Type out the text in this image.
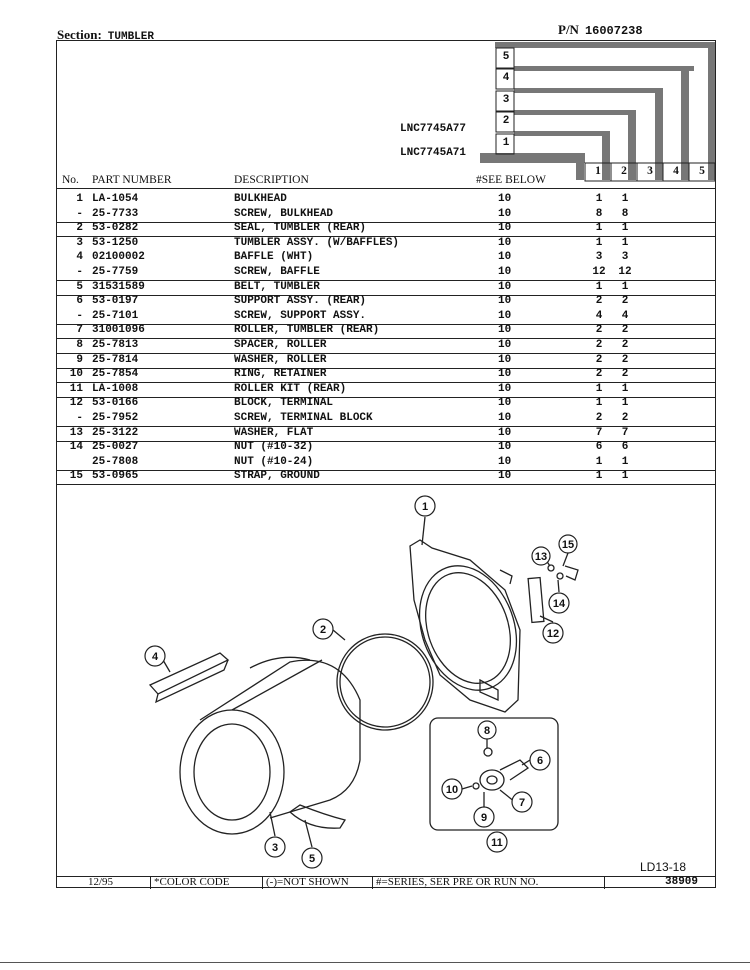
Section: TUMBLER	P/N 16007238
5
4
3
2
1
LNC7745A77
LNC7745A71
No. PART NUMBER	DESCRIPTION	#SEE BELOW
1	2	3	4	5
1 LA-1054	BULKHEAD	10	1	1
- 25-7733	SCREW, BULKHEAD	10	8	8
2 53-0282	SEAL, TUMBLER (REAR)	10	1	1
3 53-1250	TUMBLER ASSY. (W/BAFFLES)	10	1	1
4 02100002	BAFFLE (WHT)	10	3	3
- 25-7759	SCREW, BAFFLE	10	12 12
5 31531589	BELT, TUMBLER	10	1	1
6 53-0197	SUPPORT ASSY. (REAR)	10	2	2
- 25-7101	SCREW, SUPPORT ASSY.	10	4	4
7 31001096	ROLLER, TUMBLER (REAR)	10	2	2
8 25-7813	SPACER, ROLLER	10	2	2
9 25-7814	WASHER, ROLLER	10	2	2
10 25-7854	RING, RETAINER	10	2	2
11 LA-1008	ROLLER KIT (REAR)	10	1	1
12 53-0166	BLOCK, TERMINAL	10	1	1
- 25-7952	SCREW, TERMINAL BLOCK	10	2	2
13 25-3122	WASHER, FLAT	10	7	7
14 25-0027	NUT (#10-32)	10	6	6
25-7808	NUT (#10-24)	10	1	1
15 53-0965	STRAP, GROUND	10	1	1
1
2
3
4
5
6
7
8
9
10
11
12
13
14
15
LD13-18
12/95	*COLOR CODE	(-)=NOT SHOWN	#=SERIES, SER PRE OR RUN NO.	38909
